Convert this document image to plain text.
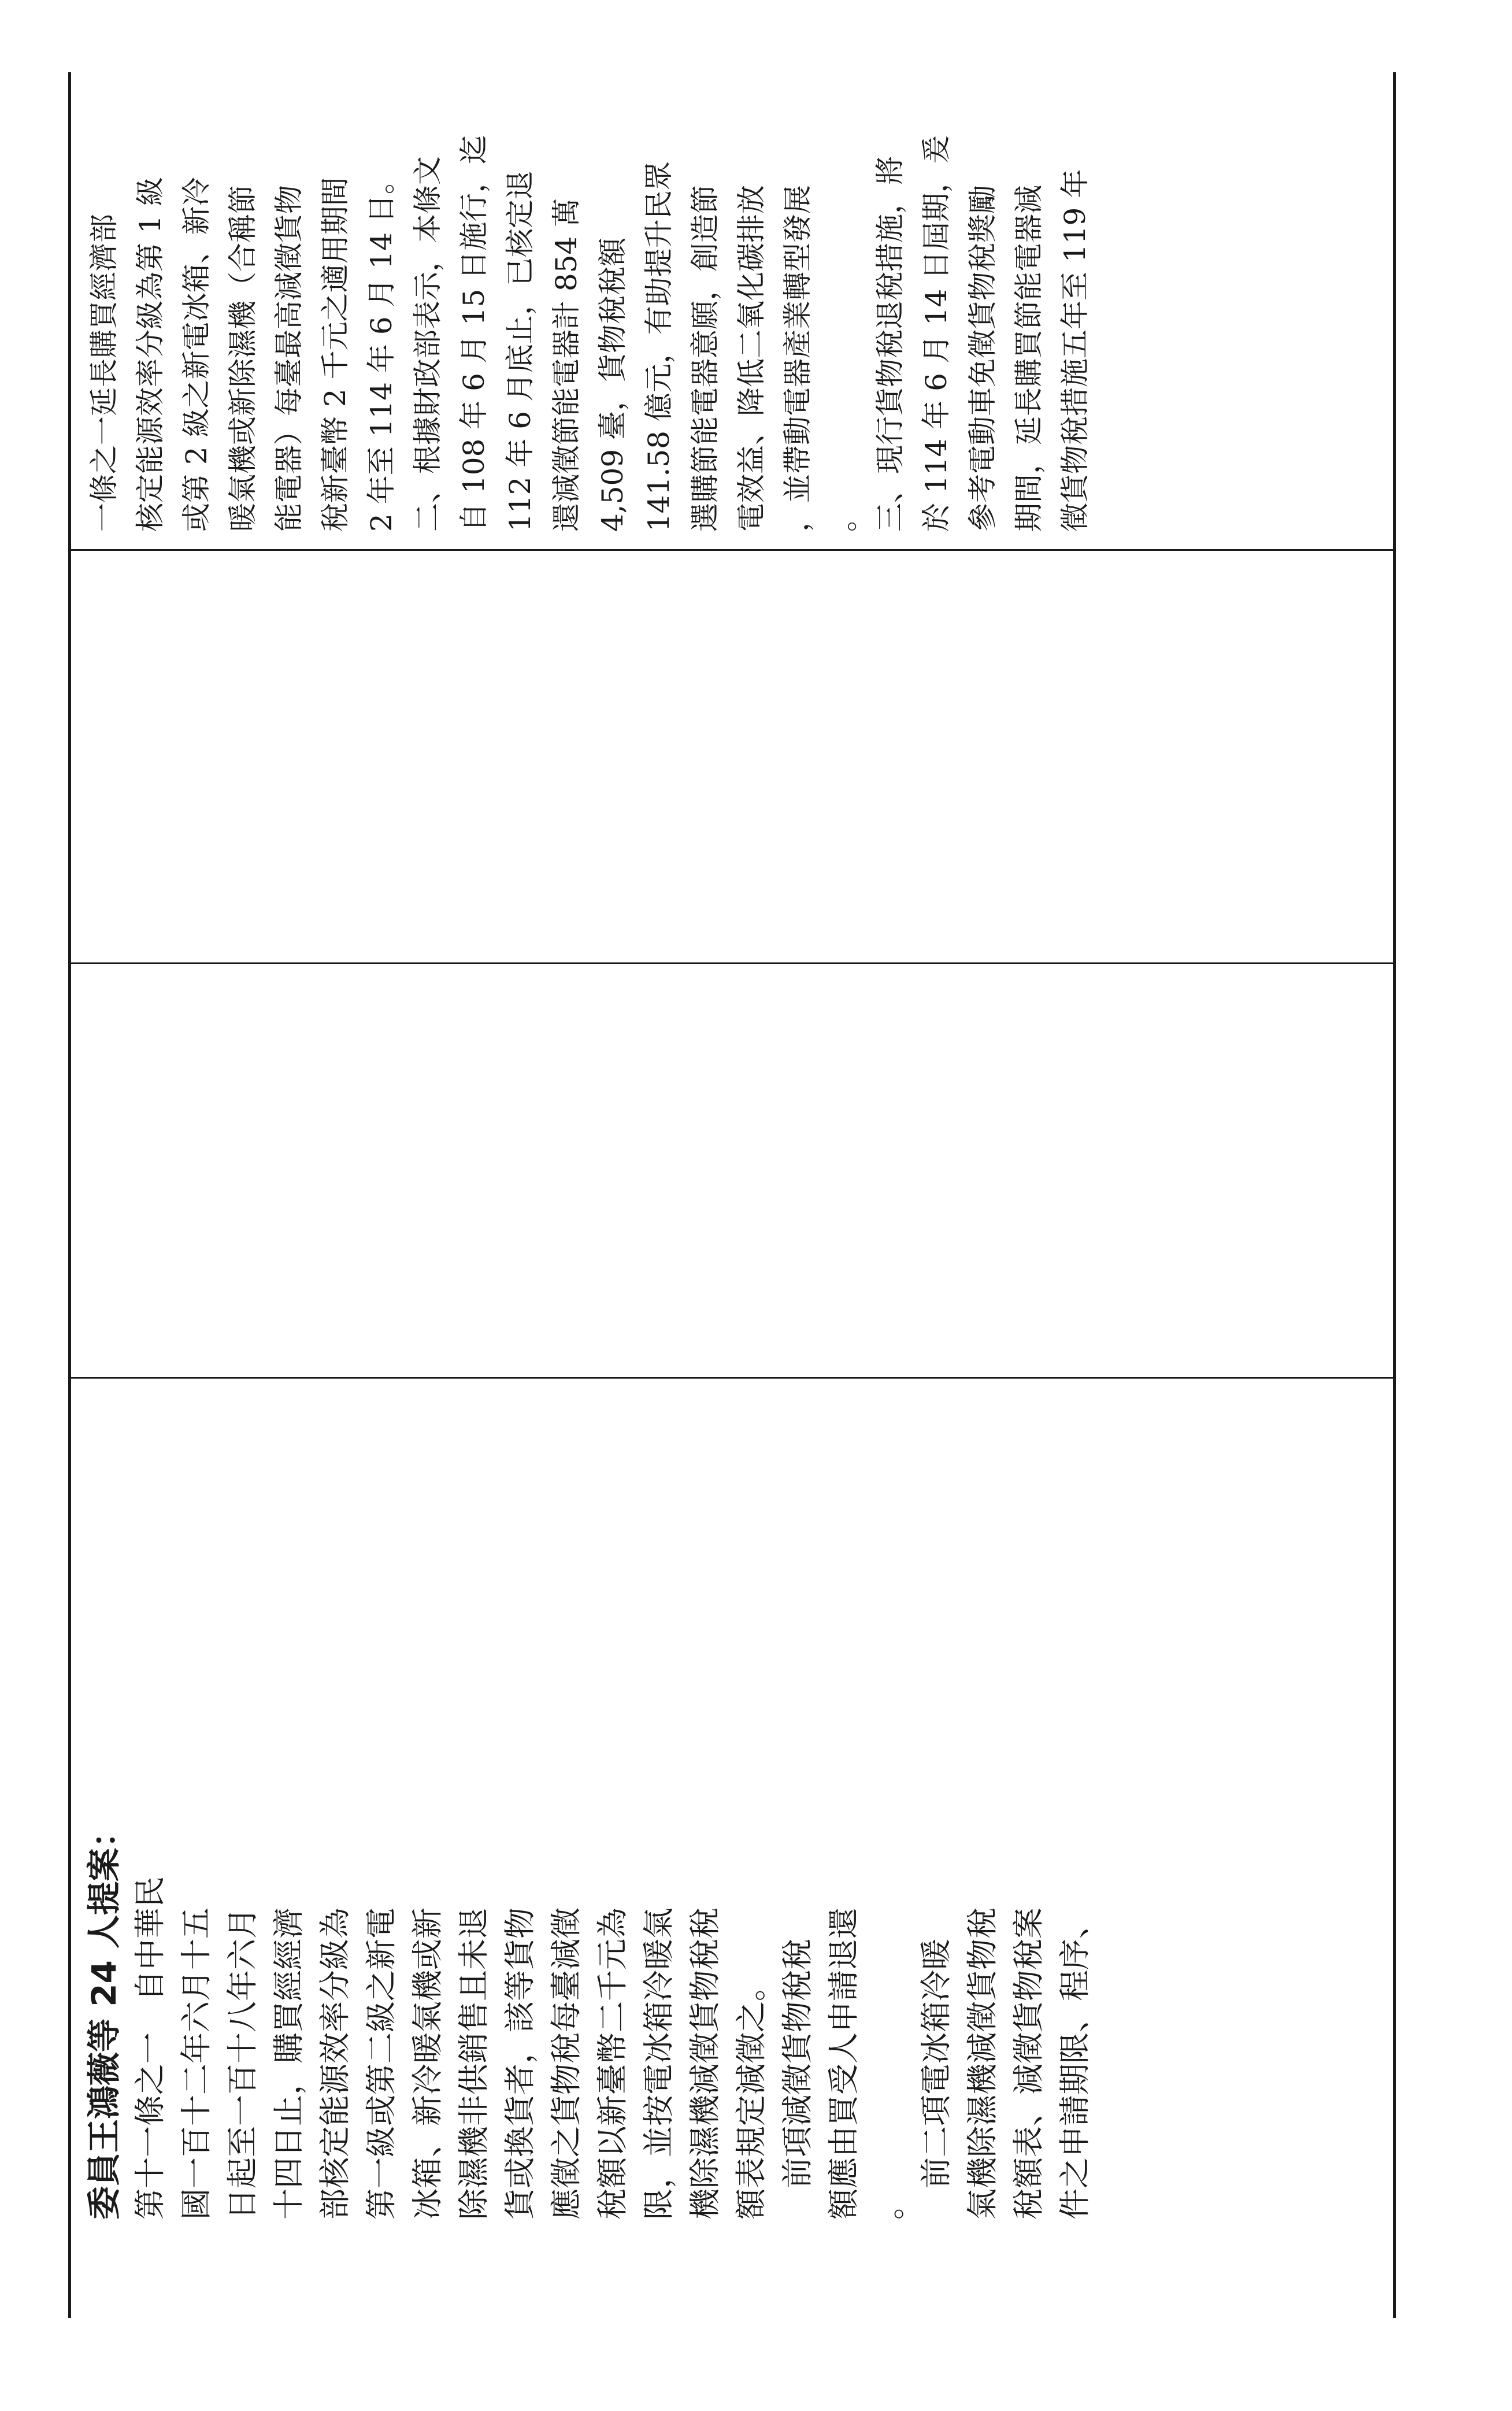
委員王鴻薇等 24 人提案： 第十一條之一　自中華民 國一百十二年六月十五 日起至一百十八年六月 十四日止，購買經經濟 部核定能源效率分級為 第一級或第二級之新電 冰箱、新冷暖氣機或新 除濕機非供銷售且未退 貨或換貨者，該等貨物 應徵之貨物稅每臺減徵 稅額以新臺幣二千元為 限，並按電冰箱冷暖氣 機除濕機減徵貨物稅稅 額表規定減徵之。 　前項減徵貨物稅稅 額應由買受人申請退還 。 　前二項電冰箱冷暖 氣機除濕機減徵貨物稅 稅額表、減徵貨物稅案 件之申請期限、程序、
一條之一延長購買經濟部 核定能源效率分級為第 1 級 或第 2 級之新電冰箱、新冷 暖氣機或新除濕機（合稱節 能電器）每臺最高減徵貨物 稅新臺幣 2 千元之適用期間 2 年至 114 年 6 月 14 日。 二、根據財政部表示，本條文 自 108 年 6 月 15 日施行，迄 112 年 6 月底止，已核定退 還減徵節能電器計 854 萬 4,509 臺，貨物稅稅額 141.58 億元，有助提升民眾 選購節能電器意願，創造節 電效益、降低二氧化碳排放 ，並帶動電器產業轉型發展 。 三、現行貨物稅退稅措施，將 於 114 年 6 月 14 日屆期，爰 參考電動車免徵貨物稅獎勵 期間，延長購買節能電器減 徵貨物稅措施五年至 119 年
